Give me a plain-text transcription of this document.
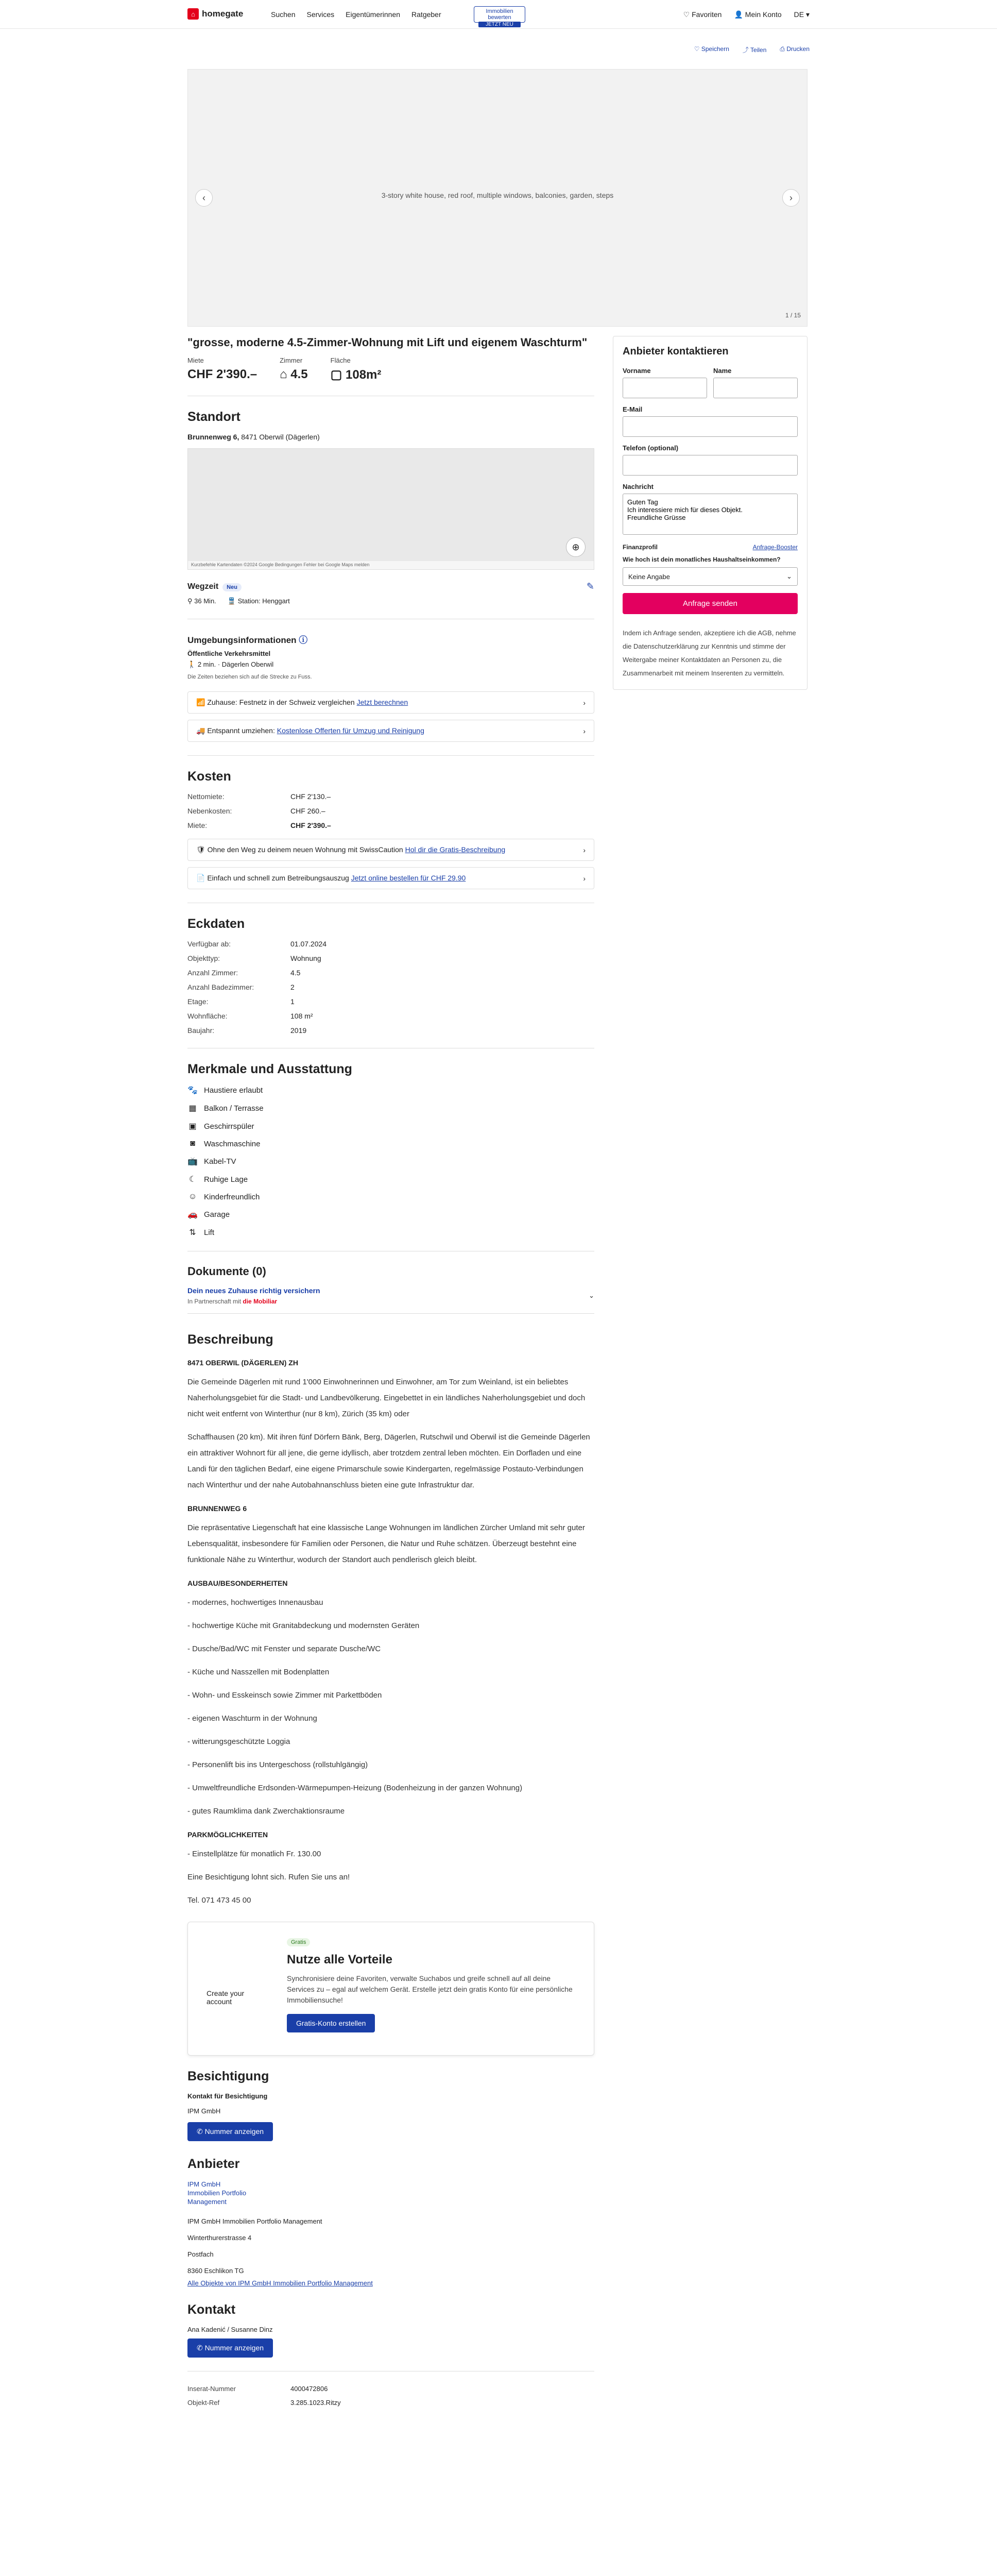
⌂ homegate	Suchen Services Eigentümerinnen Ratgeber	Immobilien bewerten
JETZT NEU
♡ Favoriten 👤 Mein Konto DE ▾
♡ Speichern ⤴ Teilen ⎙ Drucken
3-story white house, red roof, multiple windows, balconies, garden, steps
‹	›
1 / 15
"grosse, moderne 4.5-Zimmer-Wohnung mit Lift und eigenem Waschturm"
Miete
CHF 2'390.–
Zimmer
⌂ 4.5
Fläche
▢ 108m²
Standort
Brunnenweg 6, 8471 Oberwil (Dägerlen)
⊕
Kurzbefehle Kartendaten ©2024 Google Bedingungen Fehler bei Google Maps melden
Wegzeit Neu	✎
⚲ 36 Min. 🚆 Station: Henggart
Umgebungsinformationen ⓘ
Öffentliche Verkehrsmittel
🚶 2 min. · Dägerlen Oberwil
Die Zeiten beziehen sich auf die Strecke zu Fuss.
📶 Zuhause: Festnetz in der Schweiz vergleichen Jetzt berechnen	›
🚚 Entspannt umziehen: Kostenlose Offerten für Umzug und Reinigung	›
Kosten
Nettomiete:	CHF 2'130.–
Nebenkosten:	CHF 260.–
Miete:	CHF 2'390.–
🛡 Ohne den Weg zu deinem neuen Wohnung mit SwissCaution Hol dir die Gratis-Beschreibung	›
📄 Einfach und schnell zum Betreibungsauszug Jetzt online bestellen für CHF 29.90	›
Eckdaten
Verfügbar ab:	01.07.2024
Objekttyp:	Wohnung
Anzahl Zimmer:	4.5
Anzahl Badezimmer:	2
Etage:	1
Wohnfläche:	108 m²
Baujahr:	2019
Merkmale und Ausstattung
🐾 Haustiere erlaubt
▦ Balkon / Terrasse
▣ Geschirrspüler
◙	Waschmaschine
📺 Kabel-TV
☾ Ruhige Lage
☺ Kinderfreundlich
🚗 Garage
⇅ Lift
Dokumente (0)
Dein neues Zuhause richtig versichern
In Partnerschaft mit die Mobiliar
⌄
Beschreibung
8471 OBERWIL (DÄGERLEN) ZH

Die Gemeinde Dägerlen mit rund 1'000 Einwohnerinnen und Einwohner, am Tor zum Weinland, ist ein beliebtes Naherholungsgebiet für die Stadt- und Landbevölkerung. Eingebettet in ein ländliches Naherholungsgebiet und doch nicht weit entfernt von Winterthur (nur 8 km), Zürich (35 km) oder

Schaffhausen (20 km). Mit ihren fünf Dörfern Bänk, Berg, Dägerlen, Rutschwil und Oberwil ist die Gemeinde Dägerlen ein attraktiver Wohnort für all jene, die gerne idyllisch, aber trotzdem zentral leben möchten. Ein Dorfladen und eine Landi für den täglichen Bedarf, eine eigene Primarschule sowie Kindergarten, regelmässige Postauto-Verbindungen nach Winterthur und der nahe Autobahnanschluss bieten eine gute Infrastruktur dar.

BRUNNENWEG 6

Die repräsentative Liegenschaft hat eine klassische Lange Wohnungen im ländlichen Zürcher Umland mit sehr guter Lebensqualität, insbesondere für Familien oder Personen, die Natur und Ruhe schätzen. Überzeugt bestehnt eine funktionale Nähe zu Winterthur, wodurch der Standort auch pendlerisch gleich bleibt.

AUSBAU/BESONDERHEITEN

- modernes, hochwertiges Innenausbau

- hochwertige Küche mit Granitabdeckung und modernsten Geräten

- Dusche/Bad/WC mit Fenster und separate Dusche/WC

- Küche und Nasszellen mit Bodenplatten

- Wohn- und Esskeinsch sowie Zimmer mit Parkettböden

- eigenen Waschturm in der Wohnung

- witterungsgeschützte Loggia

- Personenlift bis ins Untergeschoss (rollstuhlgängig)

- Umweltfreundliche Erdsonden-Wärmepumpen-Heizung (Bodenheizung in der ganzen Wohnung)

- gutes Raumklima dank Zwerchaktionsraume

PARKMÖGLICHKEITEN

- Einstellplätze für monatlich Fr. 130.00

Eine Besichtigung lohnt sich. Rufen Sie uns an!

Tel. 071 473 45 00

Create your account
Gratis
Nutze alle Vorteile
Synchronisiere deine Favoriten, verwalte Suchabos und greife schnell auf all deine Services zu – egal auf welchem Gerät. Erstelle jetzt dein gratis Konto für eine persönliche Immobiliensuche!
Gratis-Konto erstellen
Besichtigung
Kontakt für Besichtigung
IPM GmbH
✆ Nummer anzeigen
Anbieter
IPM GmbH Immobilien Portfolio Management
IPM GmbH Immobilien Portfolio Management
Winterthurerstrasse 4
Postfach
8360 Eschlikon TG
Alle Objekte von IPM GmbH Immobilien Portfolio Management
Kontakt
Ana Kadenić / Susanne Dinz
✆ Nummer anzeigen
Inserat-Nummer	4000472806
Objekt-Ref	3.285.1023.Ritzy
Anbieter kontaktieren
Vorname	Name
E-Mail
Telefon (optional)
Nachricht
Guten Tag Ich interessiere mich für dieses Objekt. Freundliche Grüsse
Finanzprofil	Anfrage-Booster
Wie hoch ist dein monatliches Haushaltseinkommen?
Keine Angabe	⌄
Anfrage senden
Indem ich Anfrage senden, akzeptiere ich die AGB, nehme die Datenschutzerklärung zur Kenntnis und stimme der Weitergabe meiner Kontaktdaten an Personen zu, die Zusammenarbeit mit meinem Inserenten zu vermitteln.
